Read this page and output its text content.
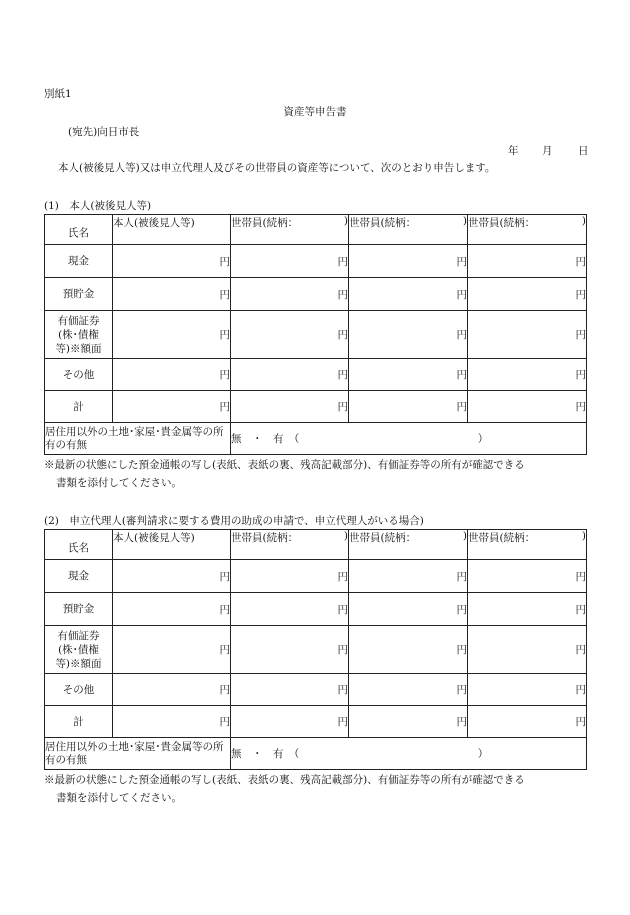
別紙1
資産等申告書
(宛先)向日市長
年 月 日
本人(被後見人等)又は申立代理人及びその世帯員の資産等について、次のとおり申告します。
(1)　本人(被後見人等)
氏名	本人(被後見人等)	世帯員(続柄： )	世帯員(続柄： )	世帯員(続柄： )

現金	円	円	円	円
預貯金	円	円	円	円
有価証券
(株･債権
等)※額面	円	円	円	円
その他	円	円	円	円
計	円	円	円	円
居住用以外の土地･家屋･貴金属等の所有の有無		無　・　有　（　　　　　　　　　　　　　　　　　）		
※最新の状態にした預金通帳の写し(表紙、表紙の裏、残高記載部分)、有価証券等の所有が確認できる
書類を添付してください。
(2)　申立代理人(審判請求に要する費用の助成の申請で、申立代理人がいる場合)
氏名	本人(被後見人等)	世帯員(続柄： )	世帯員(続柄： )	世帯員(続柄： )

現金	円	円	円	円
預貯金	円	円	円	円
有価証券
(株･債権
等)※額面	円	円	円	円
その他	円	円	円	円
計	円	円	円	円
居住用以外の土地･家屋･貴金属等の所有の有無		無　・　有　（　　　　　　　　　　　　　　　　　）		
※最新の状態にした預金通帳の写し(表紙、表紙の裏、残高記載部分)、有価証券等の所有が確認できる
書類を添付してください。
